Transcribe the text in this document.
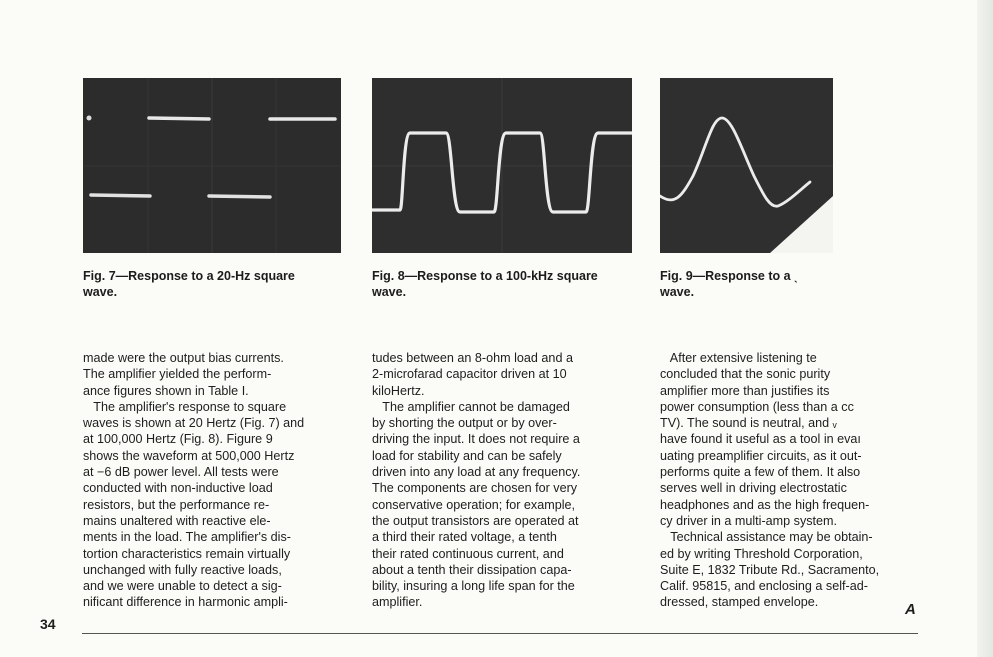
Fig. 7—Response to a 20-Hz square
wave.
Fig. 8—Response to a 100-kHz square
wave.
Fig. 9—Response to a ˎ
wave.

made were the output bias currents.

The amplifier yielded the perform-

ance figures shown in Table I.

The amplifier's response to square

waves is shown at 20 Hertz (Fig. 7) and

at 100,000 Hertz (Fig. 8). Figure 9

shows the waveform at 500,000 Hertz

at −6 dB power level. All tests were

conducted with non-inductive load

resistors, but the performance re-

mains unaltered with reactive ele-

ments in the load. The amplifier's dis-

tortion characteristics remain virtually

unchanged with fully reactive loads,

and we were unable to detect a sig-

nificant difference in harmonic ampli-

tudes between an 8-ohm load and a

2-microfarad capacitor driven at 10

kiloHertz.

The amplifier cannot be damaged

by shorting the output or by over-

driving the input. It does not require a

load for stability and can be safely

driven into any load at any frequency.

The components are chosen for very

conservative operation; for example,

the output transistors are operated at

a third their rated voltage, a tenth

their rated continuous current, and

about a tenth their dissipation capa-

bility, insuring a long life span for the

amplifier.

After extensive listening te

concluded that the sonic purity

amplifier more than justifies its

power consumption (less than a cc

TV). The sound is neutral, and ᵥ

have found it useful as a tool in evaı

uating preamplifier circuits, as it out-

performs quite a few of them. It also

serves well in driving electrostatic

headphones and as the high frequen-

cy driver in a multi-amp system.

Technical assistance may be obtain-

ed by writing Threshold Corporation,

Suite E, 1832 Tribute Rd., Sacramento,

Calif. 95815, and enclosing a self-ad-

dressed, stamped envelope.	A
34
